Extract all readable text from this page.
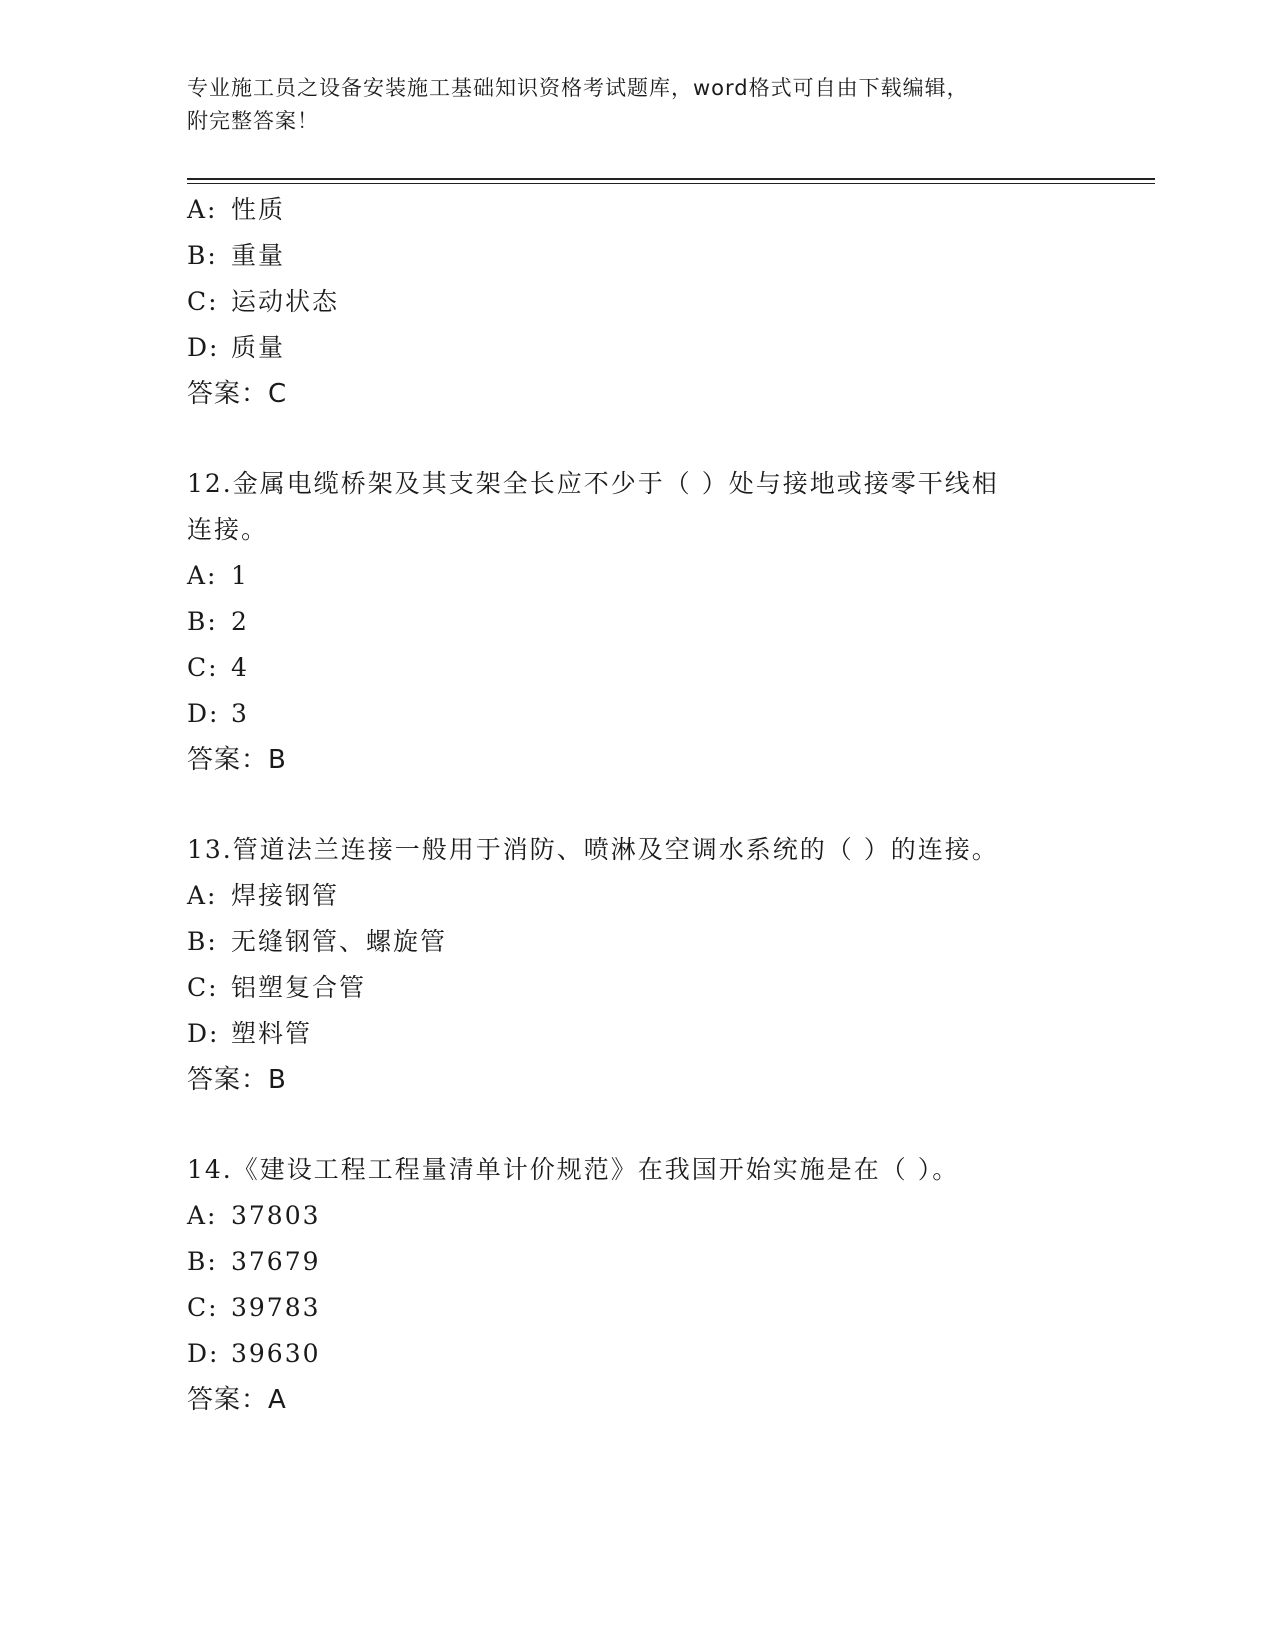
专业施工员之设备安装施工基础知识资格考试题库，word格式可自由下载编辑，
附完整答案！
A: 性质
B: 重量
C: 运动状态
D: 质量
答案：C
12.金属电缆桥架及其支架全长应不少于（ ）处与接地或接零干线相
连接。
A: 1
B: 2
C: 4
D: 3
答案：B
13.管道法兰连接一般用于消防、喷淋及空调水系统的（ ）的连接。
A: 焊接钢管
B: 无缝钢管、螺旋管
C: 铝塑复合管
D: 塑料管
答案：B
14.《建设工程工程量清单计价规范》在我国开始实施是在（ ）。
A: 37803
B: 37679
C: 39783
D: 39630
答案：A
